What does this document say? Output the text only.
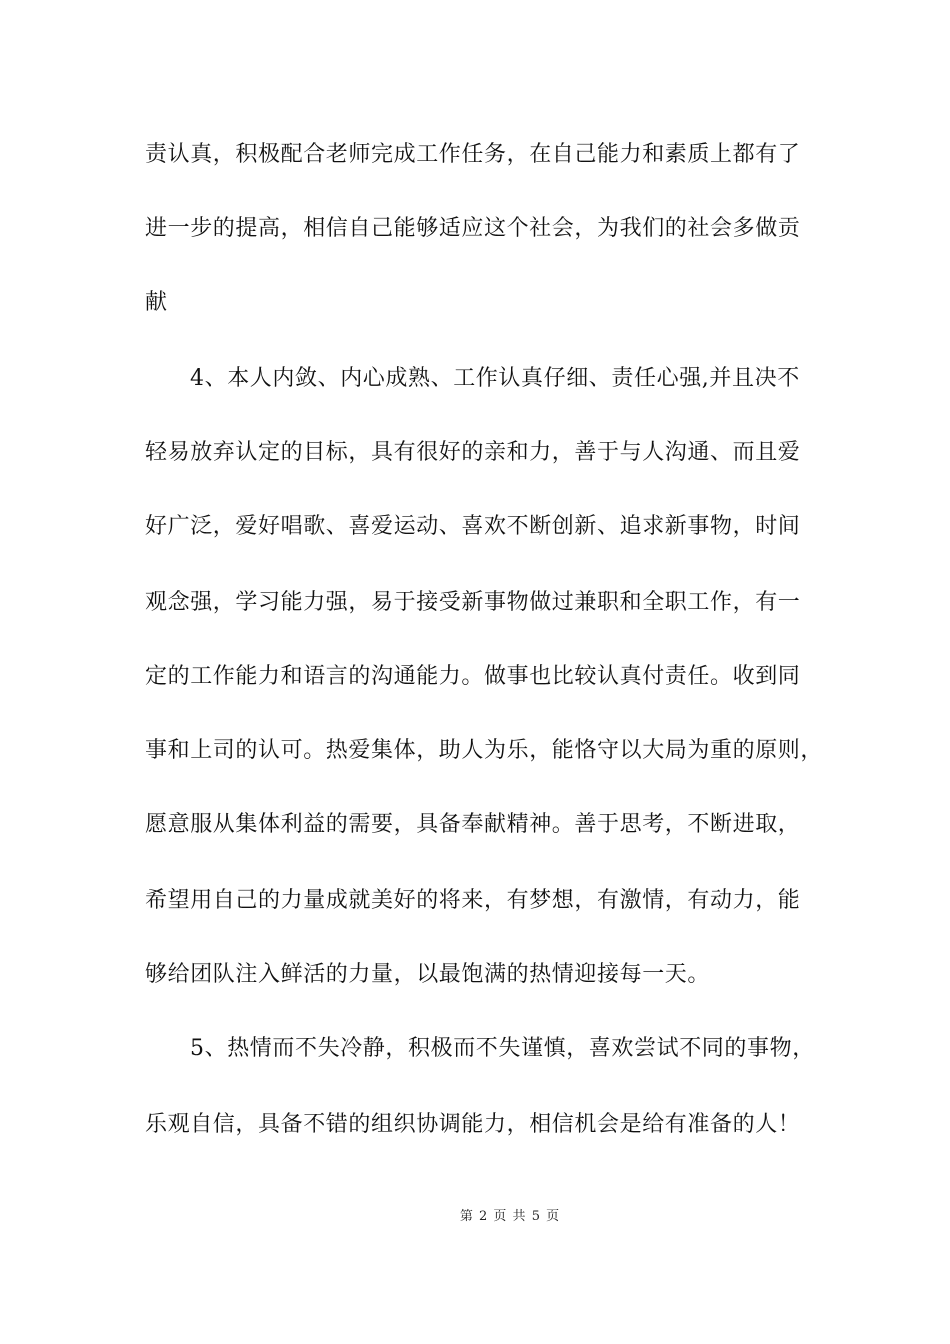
责认真，积极配合老师完成工作任务，在自己能力和素质上都有了
进一步的提高，相信自己能够适应这个社会，为我们的社会多做贡
献
4、本人内敛、内心成熟、工作认真仔细、责任心强,并且决不
轻易放弃认定的目标，具有很好的亲和力，善于与人沟通、而且爱
好广泛，爱好唱歌、喜爱运动、喜欢不断创新、追求新事物，时间
观念强，学习能力强，易于接受新事物做过兼职和全职工作，有一
定的工作能力和语言的沟通能力。做事也比较认真付责任。收到同
事和上司的认可。热爱集体，助人为乐，能恪守以大局为重的原则，
愿意服从集体利益的需要，具备奉献精神。善于思考，不断进取，
希望用自己的力量成就美好的将来，有梦想，有激情，有动力，能
够给团队注入鲜活的力量，以最饱满的热情迎接每一天。
5、热情而不失冷静，积极而不失谨慎，喜欢尝试不同的事物，
乐观自信，具备不错的组织协调能力，相信机会是给有准备的人！
第 2 页 共 5 页
